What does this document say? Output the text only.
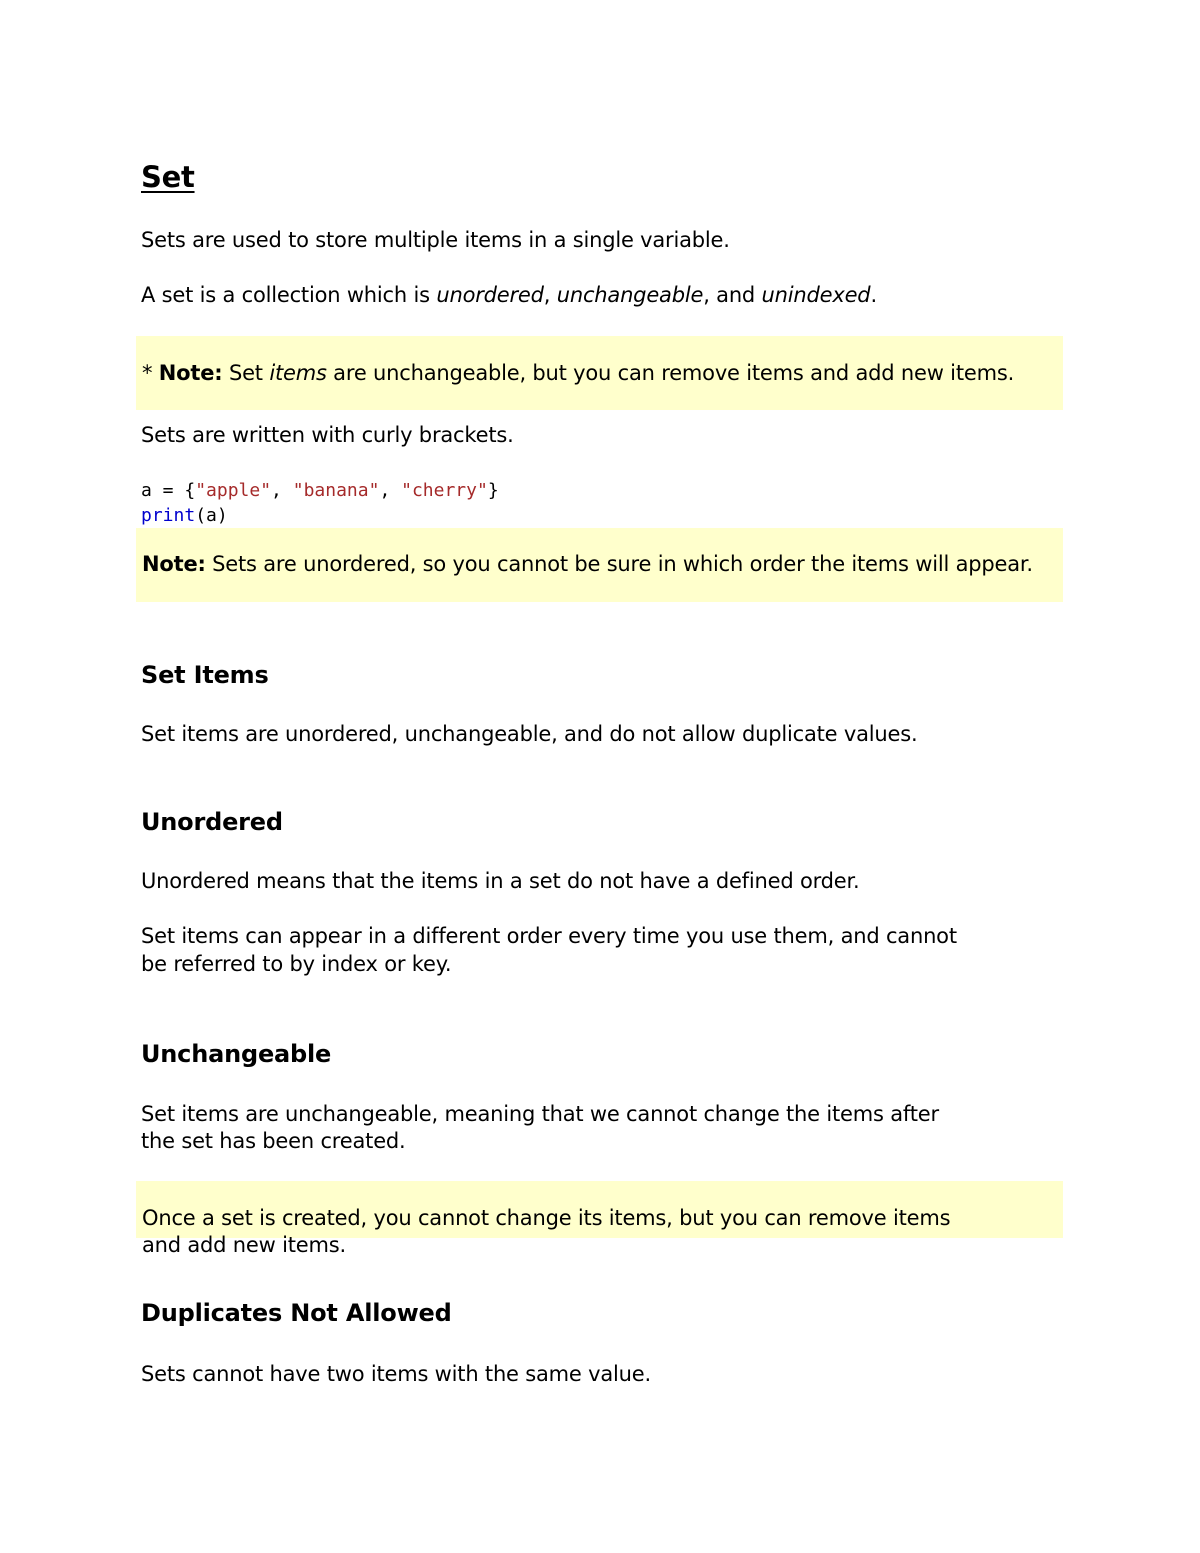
Set

Sets are used to store multiple items in a single variable.

A set is a collection which is unordered, unchangeable, and unindexed.

* Note: Set items are unchangeable, but you can remove items and add new items.

Sets are written with curly brackets.

a = {"apple", "banana", "cherry"}
print(a)

Note: Sets are unordered, so you cannot be sure in which order the items will appear.

Set Items

Set items are unordered, unchangeable, and do not allow duplicate values.

Unordered

Unordered means that the items in a set do not have a defined order.

Set items can appear in a different order every time you use them, and cannot

be referred to by index or key.

Unchangeable

Set items are unchangeable, meaning that we cannot change the items after

the set has been created.

Once a set is created, you cannot change its items, but you can remove items

and add new items.

Duplicates Not Allowed

Sets cannot have two items with the same value.
